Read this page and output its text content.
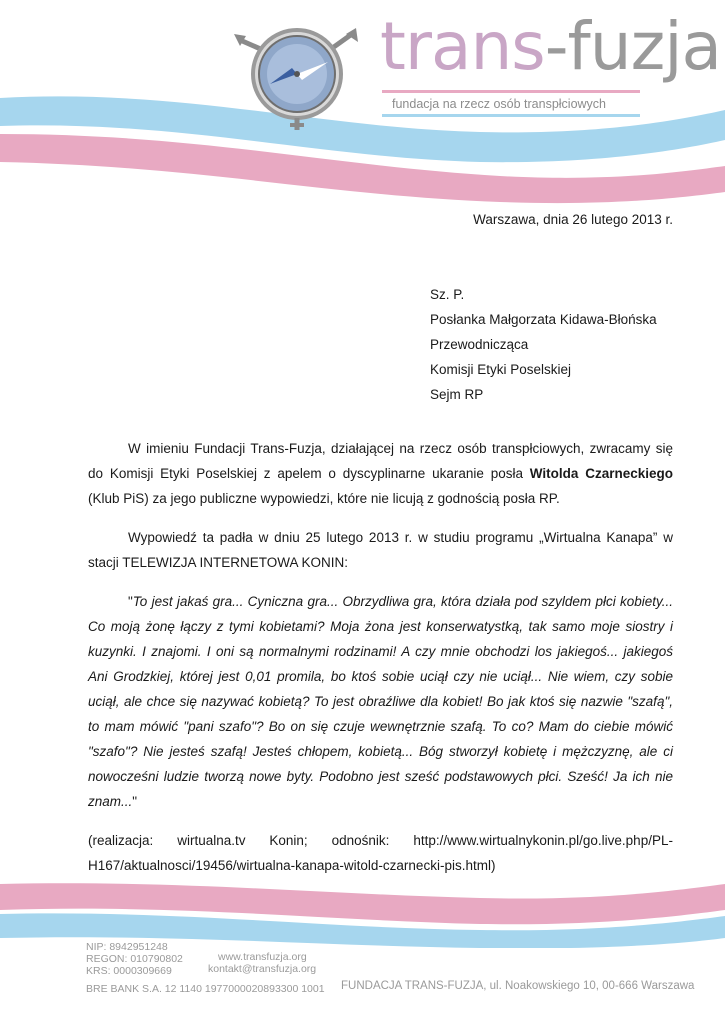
trans-fuzja
fundacja na rzecz osób transpłciowych
Warszawa, dnia 26 lutego 2013 r.
Sz. P.
Posłanka Małgorzata Kidawa-Błońska
Przewodnicząca
Komisji Etyki Poselskiej
Sejm RP

W imieniu Fundacji Trans-Fuzja, działającej na rzecz osób transpłciowych, zwracamy się do Komisji Etyki Poselskiej z apelem o dyscyplinarne ukaranie posła Witolda Czarneckiego (Klub PiS) za jego publiczne wypowiedzi, które nie licują z godnością posła RP.

Wypowiedź ta padła w dniu 25 lutego 2013 r. w studiu programu „Wirtualna Kanapa” w stacji TELEWIZJA INTERNETOWA KONIN:

"To jest jakaś gra... Cyniczna gra... Obrzydliwa gra, która działa pod szyldem płci kobiety... Co moją żonę łączy z tymi kobietami? Moja żona jest konserwatystką, tak samo moje siostry i kuzynki. I znajomi. I oni są normalnymi rodzinami! A czy mnie obchodzi los jakiegoś... jakiegoś Ani Grodzkiej, której jest 0,01 promila, bo ktoś sobie uciął czy nie uciął... Nie wiem, czy sobie uciął, ale chce się nazywać kobietą? To jest obraźliwe dla kobiet! Bo jak ktoś się nazwie "szafą", to mam mówić "pani szafo"? Bo on się czuje wewnętrznie szafą. To co? Mam do ciebie mówić "szafo"? Nie jesteś szafą! Jesteś chłopem, kobietą... Bóg stworzył kobietę i mężczyznę, ale ci nowocześni ludzie tworzą nowe byty. Podobno jest sześć podstawowych płci. Sześć! Ja ich nie znam..."

(realizacja: wirtualna.tv Konin; odnośnik: http://www.wirtualnykonin.pl/go.live.php/PL-
H167/aktualnosci/19456/wirtualna-kanapa-witold-czarnecki-pis.html)
NIP: 8942951248
REGON: 010790802
KRS: 0000309669
www.transfuzja.org
kontakt@transfuzja.org
BRE BANK S.A. 12 1140 1977000020893300 1001 FUNDACJA TRANS-FUZJA, ul. Noakowskiego 10, 00-666 Warszawa
